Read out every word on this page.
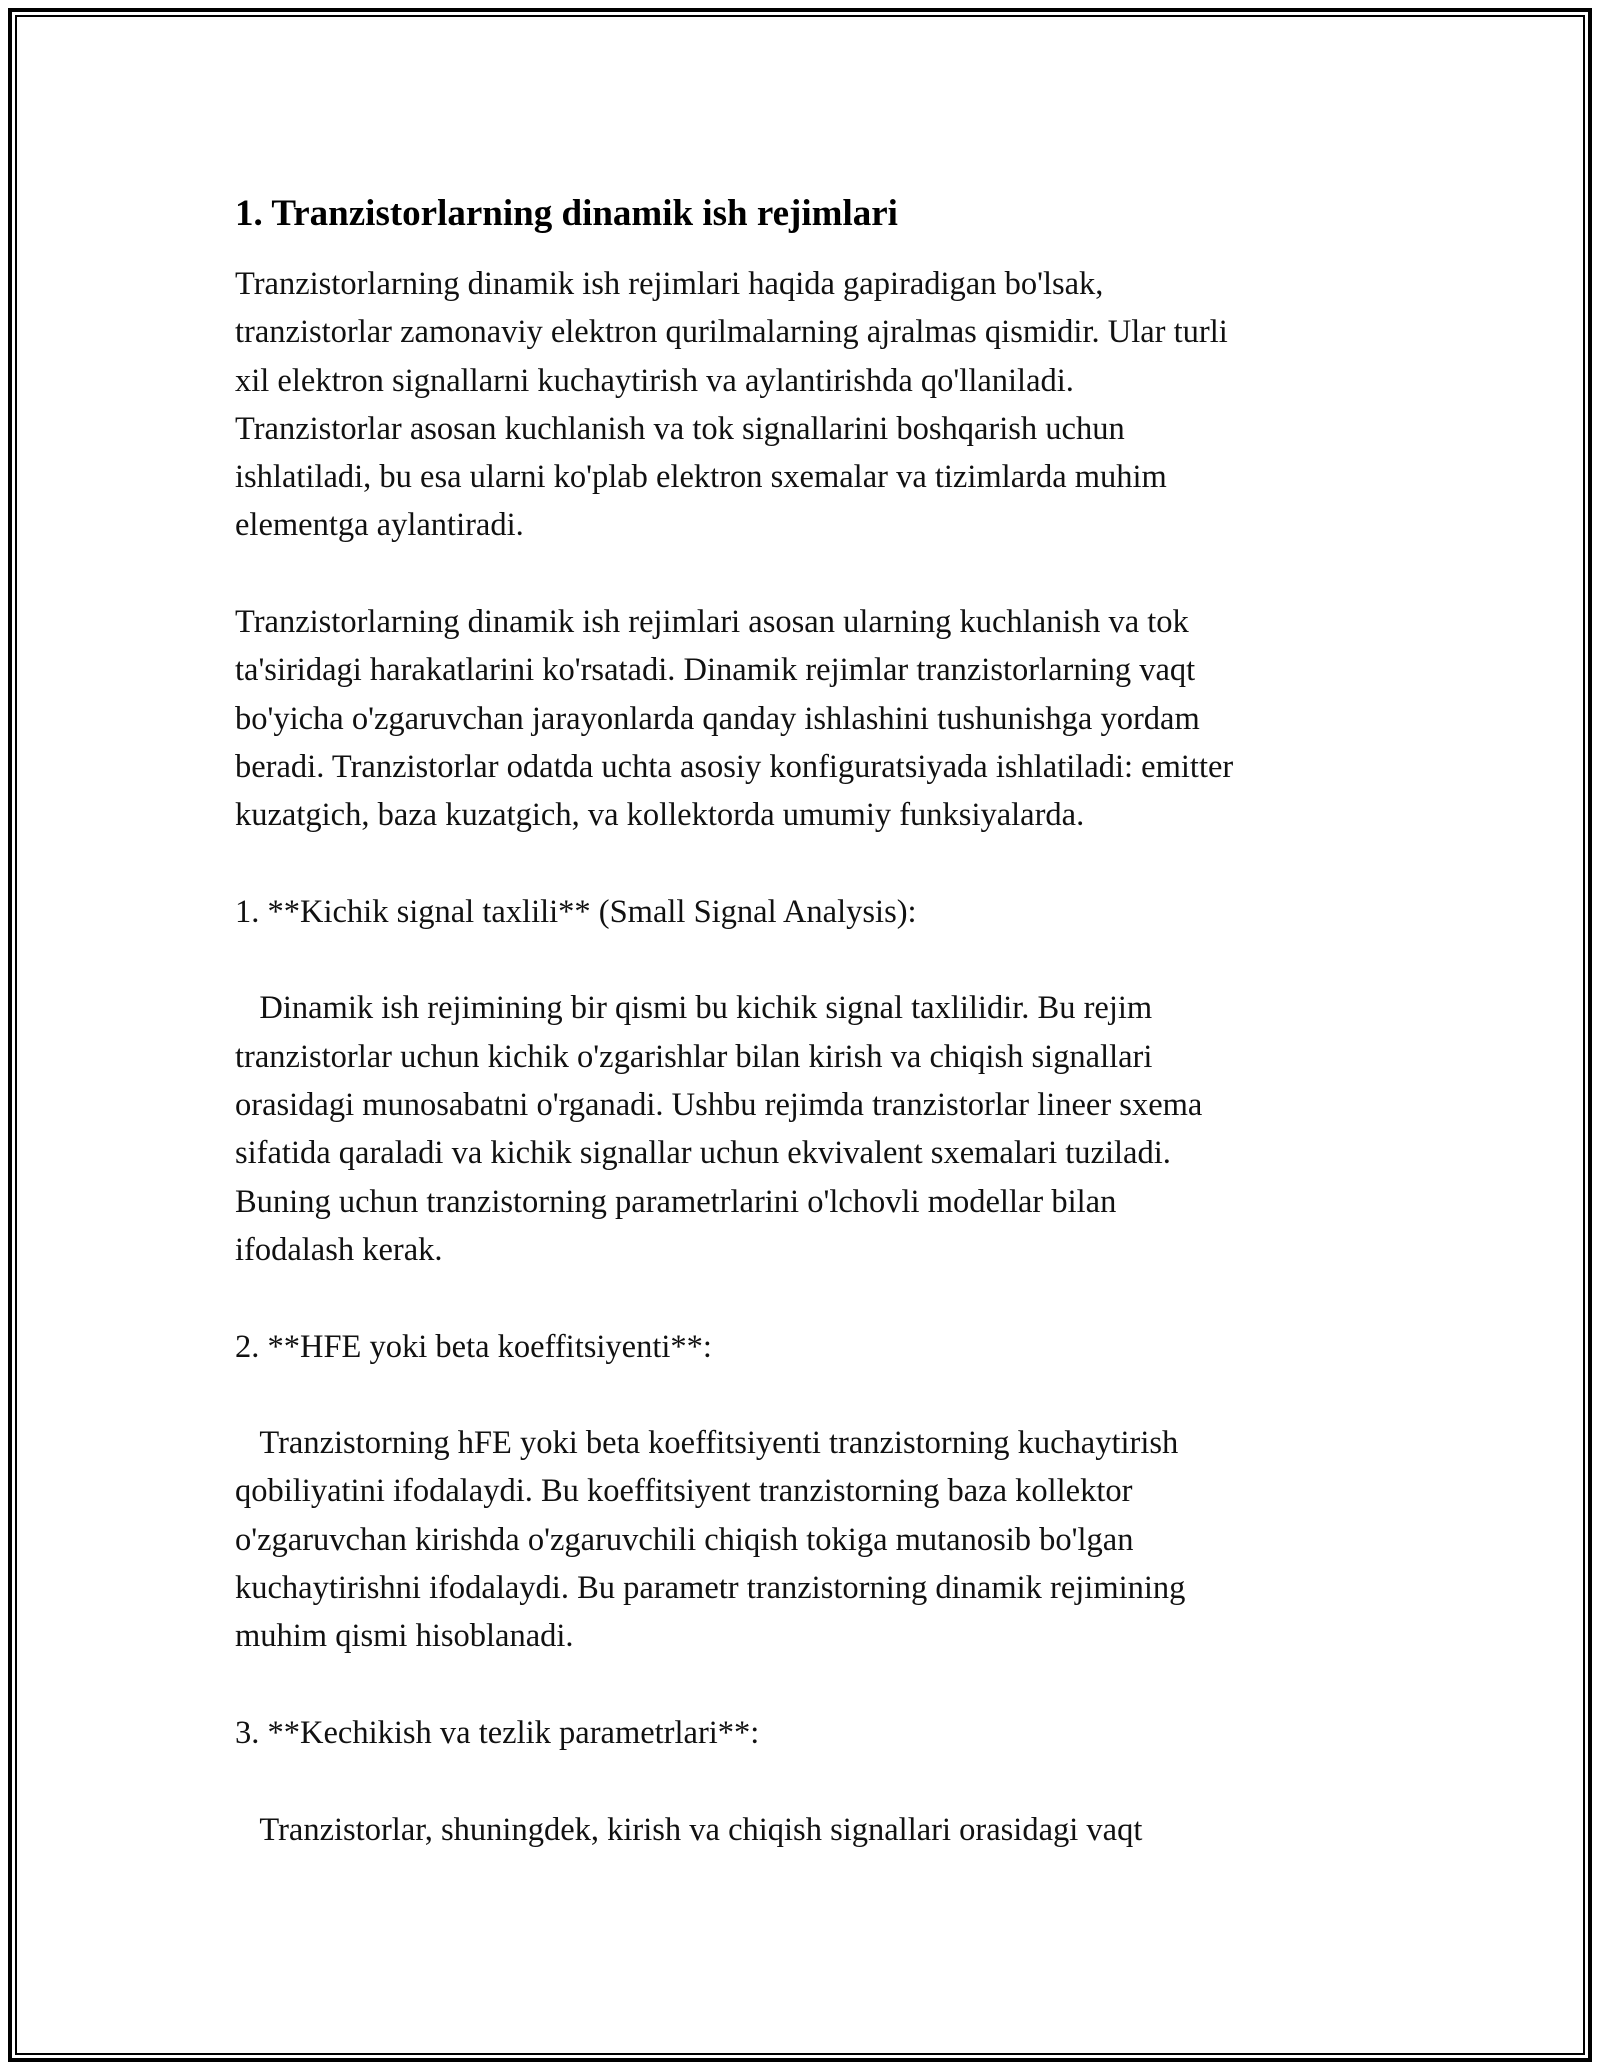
1. Tranzistorlarning dinamik ish rejimlari

Tranzistorlarning dinamik ish rejimlari haqida gapiradigan bo'lsak,
tranzistorlar zamonaviy elektron qurilmalarning ajralmas qismidir. Ular turli
xil elektron signallarni kuchaytirish va aylantirishda qo'llaniladi.
Tranzistorlar asosan kuchlanish va tok signallarini boshqarish uchun
ishlatiladi, bu esa ularni ko'plab elektron sxemalar va tizimlarda muhim
elementga aylantiradi.

Tranzistorlarning dinamik ish rejimlari asosan ularning kuchlanish va tok
ta'siridagi harakatlarini ko'rsatadi. Dinamik rejimlar tranzistorlarning vaqt
bo'yicha o'zgaruvchan jarayonlarda qanday ishlashini tushunishga yordam
beradi. Tranzistorlar odatda uchta asosiy konfiguratsiyada ishlatiladi: emitter
kuzatgich, baza kuzatgich, va kollektorda umumiy funksiyalarda.

1. **Kichik signal taxlili** (Small Signal Analysis):

Dinamik ish rejimining bir qismi bu kichik signal taxlilidir. Bu rejim
tranzistorlar uchun kichik o'zgarishlar bilan kirish va chiqish signallari
orasidagi munosabatni o'rganadi. Ushbu rejimda tranzistorlar lineer sxema
sifatida qaraladi va kichik signallar uchun ekvivalent sxemalari tuziladi.
Buning uchun tranzistorning parametrlarini o'lchovli modellar bilan
ifodalash kerak.

2. **HFE yoki beta koeffitsiyenti**:

Tranzistorning hFE yoki beta koeffitsiyenti tranzistorning kuchaytirish
qobiliyatini ifodalaydi. Bu koeffitsiyent tranzistorning baza kollektor
o'zgaruvchan kirishda o'zgaruvchili chiqish tokiga mutanosib bo'lgan
kuchaytirishni ifodalaydi. Bu parametr tranzistorning dinamik rejimining
muhim qismi hisoblanadi.

3. **Kechikish va tezlik parametrlari**:

Tranzistorlar, shuningdek, kirish va chiqish signallari orasidagi vaqt
